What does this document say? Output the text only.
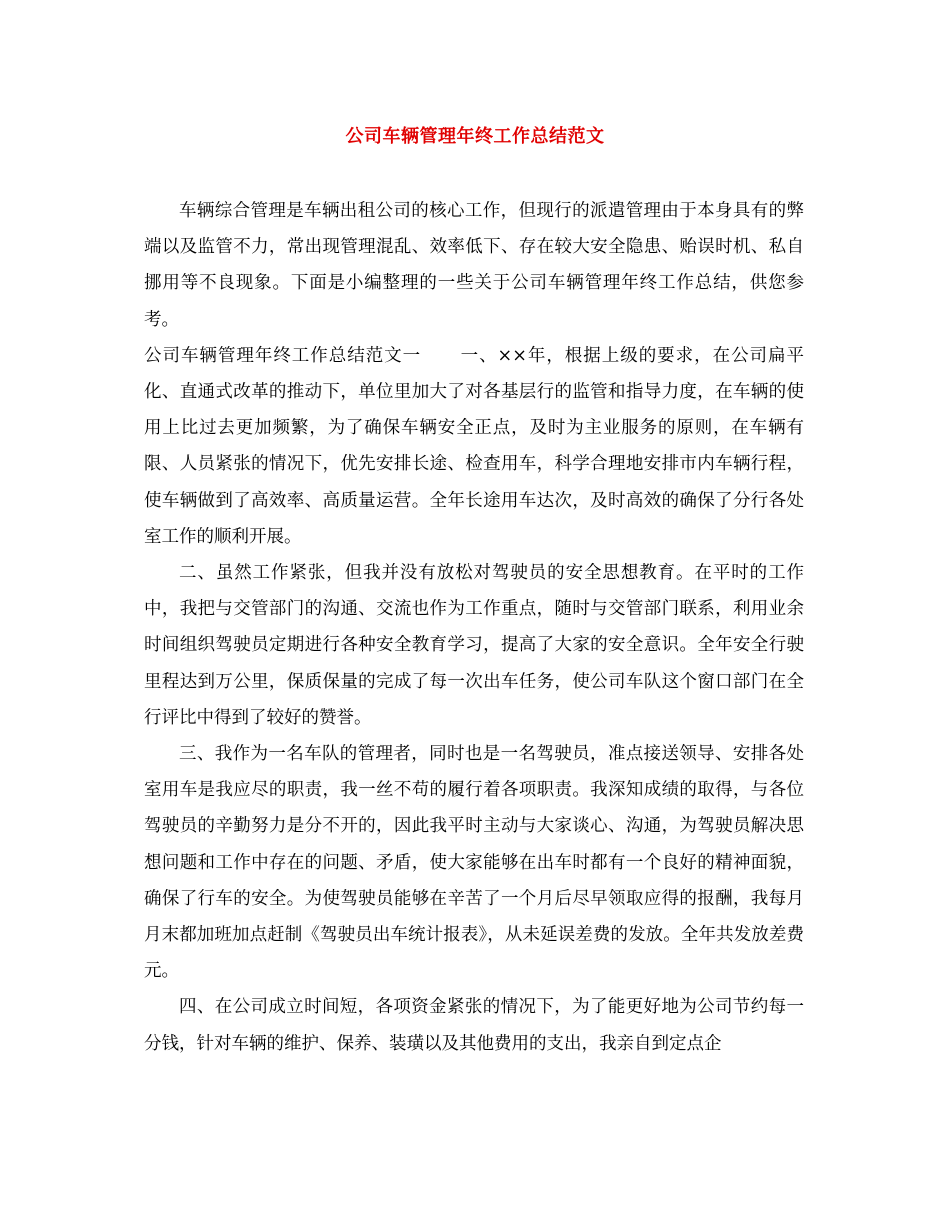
公司车辆管理年终工作总结范文

车辆综合管理是车辆出租公司的核心工作，但现行的派遣管理由于本身具有的弊端以及监管不力，常出现管理混乱、效率低下、存在较大安全隐患、贻误时机、私自挪用等不良现象。下面是小编整理的一些关于公司车辆管理年终工作总结，供您参考。

公司车辆管理年终工作总结范文一 一、××年，根据上级的要求，在公司扁平化、直通式改革的推动下，单位里加大了对各基层行的监管和指导力度，在车辆的使用上比过去更加频繁，为了确保车辆安全正点，及时为主业服务的原则，在车辆有限、人员紧张的情况下，优先安排长途、检查用车，科学合理地安排市内车辆行程，使车辆做到了高效率、高质量运营。全年长途用车达次，及时高效的确保了分行各处室工作的顺利开展。

二、虽然工作紧张，但我并没有放松对驾驶员的安全思想教育。在平时的工作中，我把与交管部门的沟通、交流也作为工作重点，随时与交管部门联系，利用业余时间组织驾驶员定期进行各种安全教育学习，提高了大家的安全意识。全年安全行驶里程达到万公里，保质保量的完成了每一次出车任务，使公司车队这个窗口部门在全行评比中得到了较好的赞誉。

三、我作为一名车队的管理者，同时也是一名驾驶员，准点接送领导、安排各处室用车是我应尽的职责，我一丝不苟的履行着各项职责。我深知成绩的取得，与各位驾驶员的辛勤努力是分不开的，因此我平时主动与大家谈心、沟通，为驾驶员解决思想问题和工作中存在的问题、矛盾，使大家能够在出车时都有一个良好的精神面貌，确保了行车的安全。为使驾驶员能够在辛苦了一个月后尽早领取应得的报酬，我每月月末都加班加点赶制《驾驶员出车统计报表》，从未延误差费的发放。全年共发放差费元。

四、在公司成立时间短，各项资金紧张的情况下，为了能更好地为公司节约每一分钱，针对车辆的维护、保养、装璜以及其他费用的支出，我亲自到定点企
